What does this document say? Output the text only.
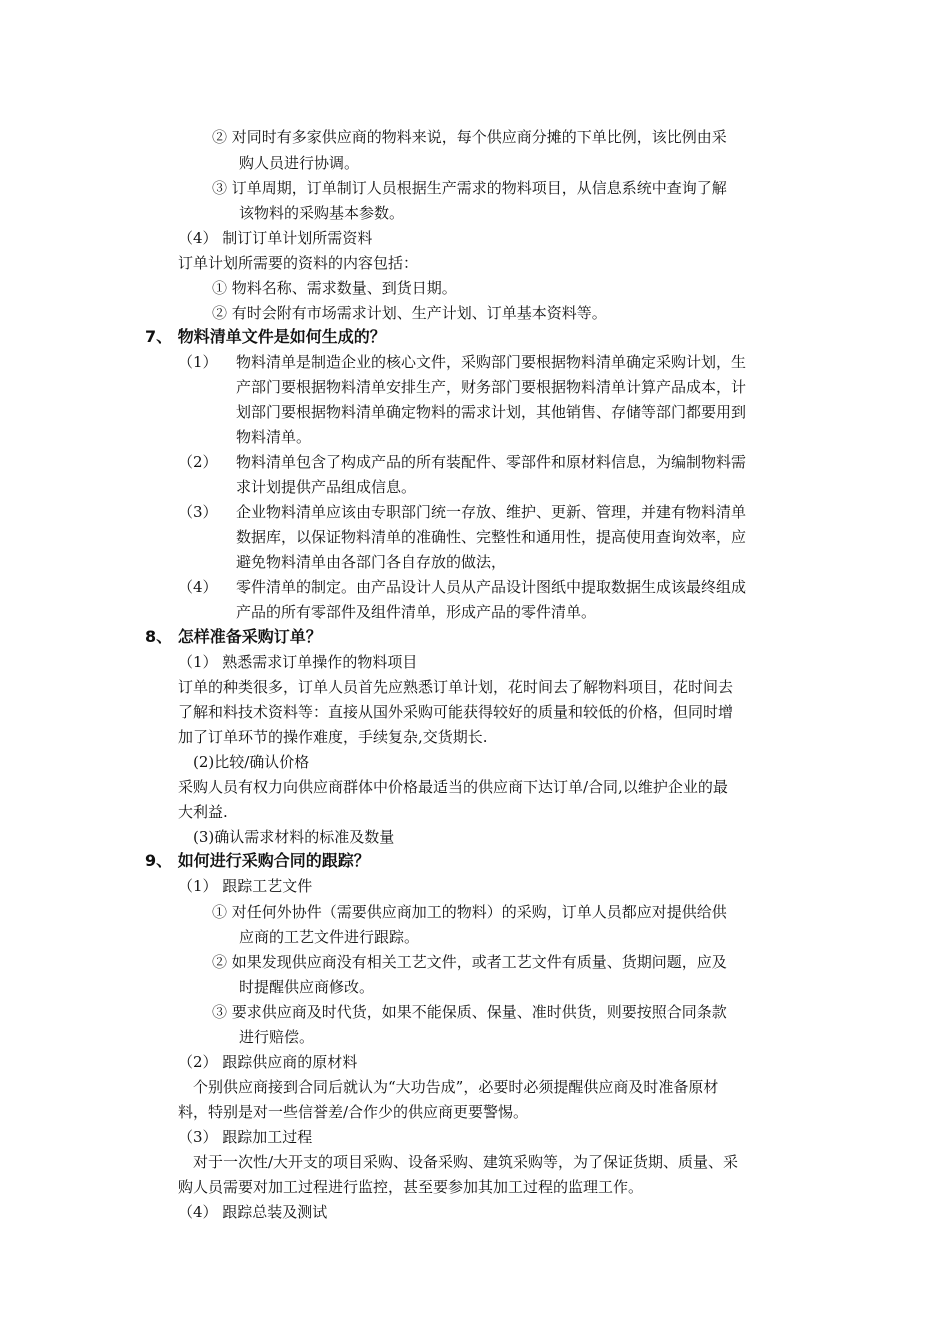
② 对同时有多家供应商的物料来说，每个供应商分摊的下单比例，该比例由采
购人员进行协调。
③ 订单周期，订单制订人员根据生产需求的物料项目，从信息系统中查询了解
该物料的采购基本参数。
（4） 制订订单计划所需资料
订单计划所需要的资料的内容包括：
① 物料名称、需求数量、到货日期。
② 有时会附有市场需求计划、生产计划、订单基本资料等。
7、 物料清单文件是如何生成的？
（1） 物料清单是制造企业的核心文件，采购部门要根据物料清单确定采购计划，生
产部门要根据物料清单安排生产，财务部门要根据物料清单计算产品成本，计
划部门要根据物料清单确定物料的需求计划，其他销售、存储等部门都要用到
物料清单。
（2） 物料清单包含了构成产品的所有装配件、零部件和原材料信息，为编制物料需
求计划提供产品组成信息。
（3） 企业物料清单应该由专职部门统一存放、维护、更新、管理，并建有物料清单
数据库，以保证物料清单的准确性、完整性和通用性，提高使用查询效率，应
避免物料清单由各部门各自存放的做法，
（4） 零件清单的制定。由产品设计人员从产品设计图纸中提取数据生成该最终组成
产品的所有零部件及组件清单，形成产品的零件清单。
8、 怎样准备采购订单？
（1） 熟悉需求订单操作的物料项目
订单的种类很多，订单人员首先应熟悉订单计划，花时间去了解物料项目，花时间去
了解和料技术资料等：直接从国外采购可能获得较好的质量和较低的价格，但同时增
加了订单环节的操作难度，手续复杂,交货期长.
(2)比较/确认价格
采购人员有权力向供应商群体中价格最适当的供应商下达订单/合同,以维护企业的最
大利益.
(3)确认需求材料的标准及数量
9、 如何进行采购合同的跟踪？
（1） 跟踪工艺文件
① 对任何外协件（需要供应商加工的物料）的采购，订单人员都应对提供给供
应商的工艺文件进行跟踪。
② 如果发现供应商没有相关工艺文件，或者工艺文件有质量、货期问题，应及
时提醒供应商修改。
③ 要求供应商及时代货，如果不能保质、保量、准时供货，则要按照合同条款
进行赔偿。
（2） 跟踪供应商的原材料
个别供应商接到合同后就认为“大功告成”，必要时必须提醒供应商及时准备原材
料，特别是对一些信誉差/合作少的供应商更要警惕。
（3） 跟踪加工过程
对于一次性/大开支的项目采购、设备采购、建筑采购等，为了保证货期、质量、采
购人员需要对加工过程进行监控，甚至要参加其加工过程的监理工作。
（4） 跟踪总装及测试
